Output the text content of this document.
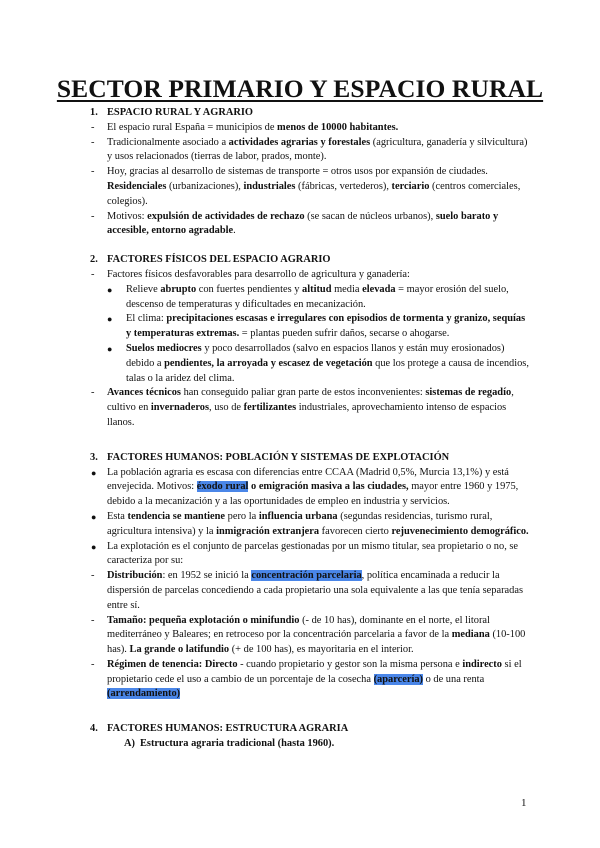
SECTOR PRIMARIO Y ESPACIO RURAL
1. ESPACIO RURAL Y AGRARIO
- El espacio rural España = municipios de menos de 10000 habitantes.
- Tradicionalmente asociado a actividades agrarias y forestales (agricultura, ganadería y silvicultura) y usos relacionados (tierras de labor, prados, monte).
- Hoy, gracias al desarrollo de sistemas de transporte = otros usos por expansión de ciudades. Residenciales (urbanizaciones), industriales (fábricas, vertederos), terciario (centros comerciales, colegios).
- Motivos: expulsión de actividades de rechazo (se sacan de núcleos urbanos), suelo barato y accesible, entorno agradable.
2. FACTORES FÍSICOS DEL ESPACIO AGRARIO
- Factores físicos desfavorables para desarrollo de agricultura y ganadería:
● Relieve abrupto con fuertes pendientes y altitud media elevada = mayor erosión del suelo, descenso de temperaturas y dificultades en mecanización.
● El clima: precipitaciones escasas e irregulares con episodios de tormenta y granizo, sequías y temperaturas extremas. = plantas pueden sufrir daños, secarse o ahogarse.
● Suelos mediocres y poco desarrollados (salvo en espacios llanos y están muy erosionados) debido a pendientes, la arroyada y escasez de vegetación que los protege a causa de incendios, talas o la aridez del clima.
- Avances técnicos han conseguido paliar gran parte de estos inconvenientes: sistemas de regadío, cultivo en invernaderos, uso de fertilizantes industriales, aprovechamiento intenso de espacios llanos.
3. FACTORES HUMANOS: POBLACIÓN Y SISTEMAS DE EXPLOTACIÓN
● La población agraria es escasa con diferencias entre CCAA (Madrid 0,5%, Murcia 13,1%) y está envejecida. Motivos: éxodo rural o emigración masiva a las ciudades, mayor entre 1960 y 1975, debido a la mecanización y a las oportunidades de empleo en industria y servicios.
● Esta tendencia se mantiene pero la influencia urbana (segundas residencias, turismo rural, agricultura intensiva) y la inmigración extranjera favorecen cierto rejuvenecimiento demográfico.
● La explotación es el conjunto de parcelas gestionadas por un mismo titular, sea propietario o no, se caracteriza por su:
- Distribución: en 1952 se inició la concentración parcelaria, política encaminada a reducir la dispersión de parcelas concediendo a cada propietario una sola equivalente a las que tenía separadas entre sí.
- Tamaño: pequeña explotación o minifundio (- de 10 has), dominante en el norte, el litoral mediterráneo y Baleares; en retroceso por la concentración parcelaria a favor de la mediana (10-100 has). La grande o latifundio (+ de 100 has), es mayoritaria en el interior.
- Régimen de tenencia: Directo - cuando propietario y gestor son la misma persona e indirecto si el propietario cede el uso a cambio de un porcentaje de la cosecha (aparcería) o de una renta (arrendamiento)
4. FACTORES HUMANOS: ESTRUCTURA AGRARIA
A) Estructura agraria tradicional (hasta 1960).
1
